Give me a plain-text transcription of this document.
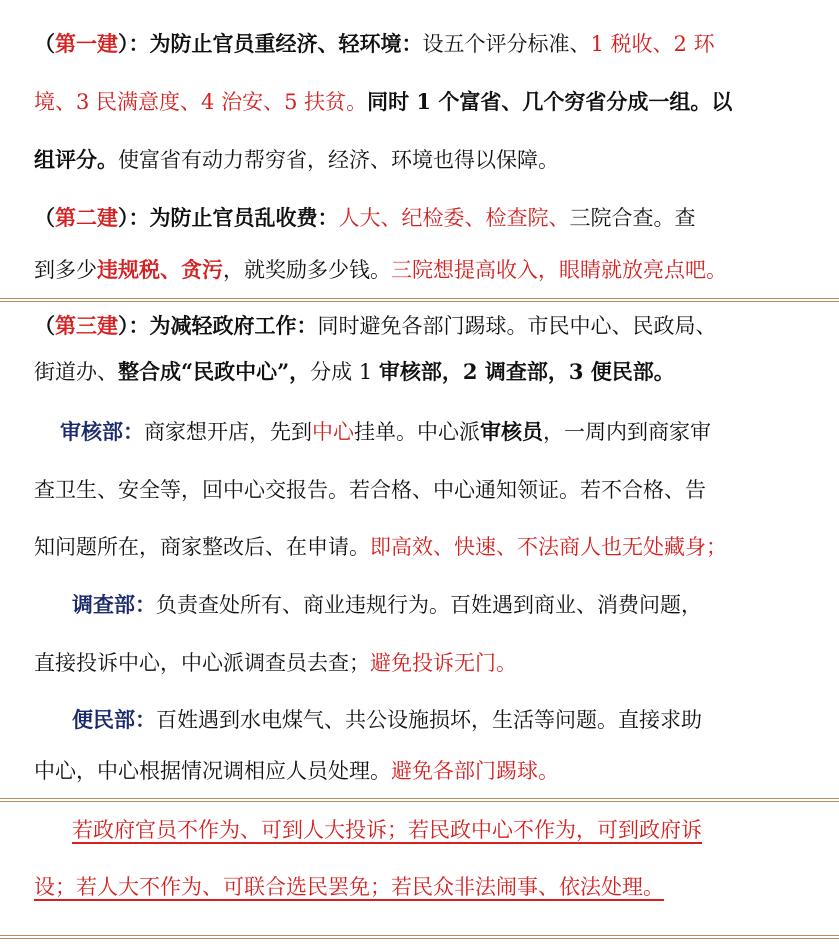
（第一建）：为防止官员重经济、轻环境：设五个评分标准、1 税收、2 环
境、3 民满意度、4 治安、5 扶贫。同时 1 个富省、几个穷省分成一组。以
组评分。使富省有动力帮穷省，经济、环境也得以保障。
（第二建）：为防止官员乱收费：人大、纪检委、检查院、三院合查。查
到多少违规税、贪污，就奖励多少钱。三院想提高收入，眼睛就放亮点吧。
（第三建）：为减轻政府工作：同时避免各部门踢球。市民中心、民政局、
街道办、整合成“民政中心”，分成 1 审核部，2 调查部，3 便民部。
审核部：商家想开店，先到中心挂单。中心派审核员，一周内到商家审
查卫生、安全等，回中心交报告。若合格、中心通知领证。若不合格、告
知问题所在，商家整改后、在申请。即高效、快速、不法商人也无处藏身；
调查部：负责查处所有、商业违规行为。百姓遇到商业、消费问题，
直接投诉中心，中心派调查员去查；避免投诉无门。
便民部：百姓遇到水电煤气、共公设施损坏，生活等问题。直接求助
中心，中心根据情况调相应人员处理。避免各部门踢球。
若政府官员不作为、可到人大投诉；若民政中心不作为，可到政府诉
设；若人大不作为、可联合选民罢免；若民众非法闹事、依法处理。
